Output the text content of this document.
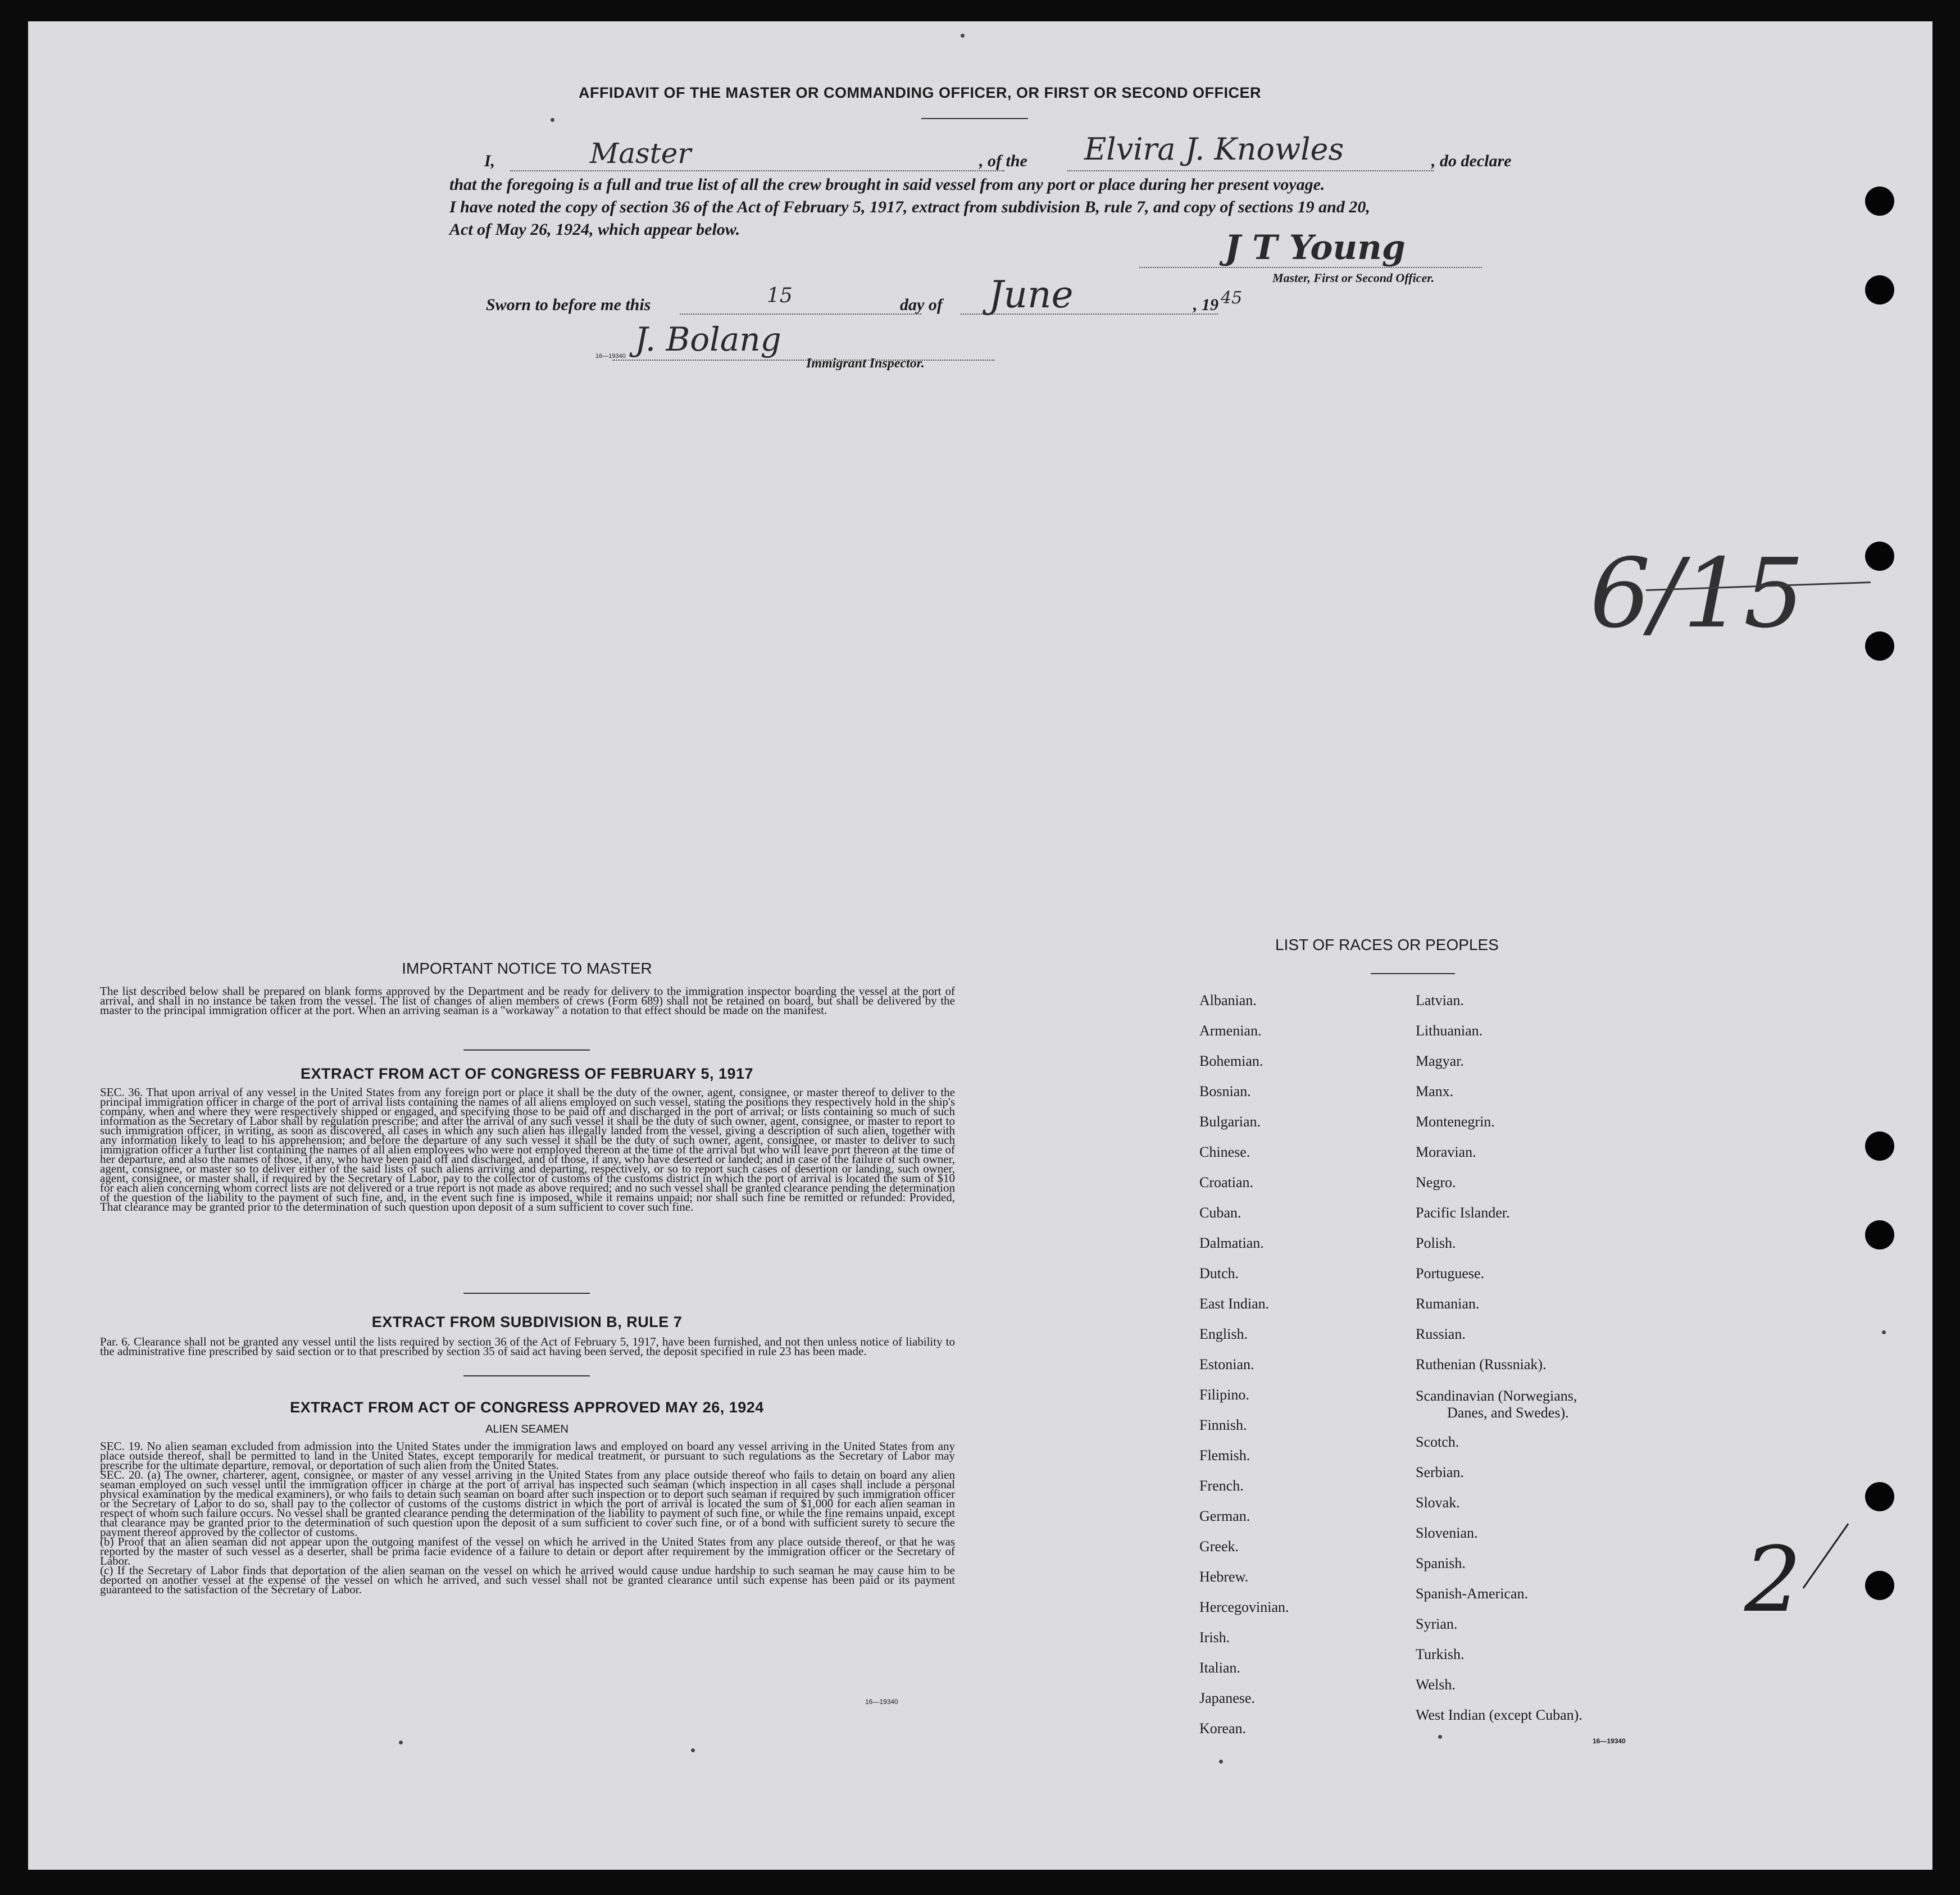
AFFIDAVIT OF THE MASTER OR COMMANDING OFFICER, OR FIRST OR SECOND OFFICER
I,	Master	, of the Elvira J. Knowles	, do declare
that the foregoing is a full and true list of all the crew brought in said vessel from any port or place during her present voyage.
I have noted the copy of section 36 of the Act of February 5, 1917, extract from subdivision B, rule 7, and copy of sections 19 and 20,
Act of May 26, 1924, which appear below.	J T Young
Master, First or Second Officer.
Sworn to before me this	15	day of June	, 19 45
J. Bolang
16—19340	Immigrant Inspector.
6/15
2
IMPORTANT NOTICE TO MASTER
The list described below shall be prepared on blank forms approved by the Department and be ready for delivery to the immigration inspector boarding the vessel at the port of arrival, and shall in no instance be taken from the vessel. The list of changes of alien members of crews (Form 689) shall not be retained on board, but shall be delivered by the master to the principal immigration officer at the port. When an arriving seaman is a "workaway" a notation to that effect should be made on the manifest.
EXTRACT FROM ACT OF CONGRESS OF FEBRUARY 5, 1917
SEC. 36. That upon arrival of any vessel in the United States from any foreign port or place it shall be the duty of the owner, agent, consignee, or master thereof to deliver to the principal immigration officer in charge of the port of arrival lists containing the names of all aliens employed on such vessel, stating the positions they respectively hold in the ship's company, when and where they were respectively shipped or engaged, and specifying those to be paid off and discharged in the port of arrival; or lists containing so much of such information as the Secretary of Labor shall by regulation prescribe; and after the arrival of any such vessel it shall be the duty of such owner, agent, consignee, or master to report to such immigration officer, in writing, as soon as discovered, all cases in which any such alien has illegally landed from the vessel, giving a description of such alien, together with any information likely to lead to his apprehension; and before the departure of any such vessel it shall be the duty of such owner, agent, consignee, or master to deliver to such immigration officer a further list containing the names of all alien employees who were not employed thereon at the time of the arrival but who will leave port thereon at the time of her departure, and also the names of those, if any, who have been paid off and discharged, and of those, if any, who have deserted or landed; and in case of the failure of such owner, agent, consignee, or master so to deliver either of the said lists of such aliens arriving and departing, respectively, or so to report such cases of desertion or landing, such owner, agent, consignee, or master shall, if required by the Secretary of Labor, pay to the collector of customs of the customs district in which the port of arrival is located the sum of $10 for each alien concerning whom correct lists are not delivered or a true report is not made as above required; and no such vessel shall be granted clearance pending the determination of the question of the liability to the payment of such fine, and, in the event such fine is imposed, while it remains unpaid; nor shall such fine be remitted or refunded: Provided, That clearance may be granted prior to the determination of such question upon deposit of a sum sufficient to cover such fine.
EXTRACT FROM SUBDIVISION B, RULE 7
Par. 6. Clearance shall not be granted any vessel until the lists required by section 36 of the Act of February 5, 1917, have been furnished, and not then unless notice of liability to the administrative fine prescribed by said section or to that prescribed by section 35 of said act having been served, the deposit specified in rule 23 has been made.
EXTRACT FROM ACT OF CONGRESS APPROVED MAY 26, 1924
ALIEN SEAMEN
SEC. 19. No alien seaman excluded from admission into the United States under the immigration laws and employed on board any vessel arriving in the United States from any place outside thereof, shall be permitted to land in the United States, except temporarily for medical treatment, or pursuant to such regulations as the Secretary of Labor may prescribe for the ultimate departure, removal, or deportation of such alien from the United States.
SEC. 20. (a) The owner, charterer, agent, consignee, or master of any vessel arriving in the United States from any place outside thereof who fails to detain on board any alien seaman employed on such vessel until the immigration officer in charge at the port of arrival has inspected such seaman (which inspection in all cases shall include a personal physical examination by the medical examiners), or who fails to detain such seaman on board after such inspection or to deport such seaman if required by such immigration officer or the Secretary of Labor to do so, shall pay to the collector of customs of the customs district in which the port of arrival is located the sum of $1,000 for each alien seaman in respect of whom such failure occurs. No vessel shall be granted clearance pending the determination of the liability to payment of such fine, or while the fine remains unpaid, except that clearance may be granted prior to the determination of such question upon the deposit of a sum sufficient to cover such fine, or of a bond with sufficient surety to secure the payment thereof approved by the collector of customs.
(b) Proof that an alien seaman did not appear upon the outgoing manifest of the vessel on which he arrived in the United States from any place outside thereof, or that he was reported by the master of such vessel as a deserter, shall be prima facie evidence of a failure to detain or deport after requirement by the immigration officer or the Secretary of Labor.
(c) If the Secretary of Labor finds that deportation of the alien seaman on the vessel on which he arrived would cause undue hardship to such seaman he may cause him to be deported on another vessel at the expense of the vessel on which he arrived, and such vessel shall not be granted clearance until such expense has been paid or its payment guaranteed to the satisfaction of the Secretary of Labor.
16—19340
LIST OF RACES OR PEOPLES
Albanian.
Armenian.
Bohemian.
Bosnian.
Bulgarian.
Chinese.
Croatian.
Cuban.
Dalmatian.
Dutch.
East Indian.
English.
Estonian.
Filipino.
Finnish.
Flemish.
French.
German.
Greek.
Hebrew.
Hercegovinian.
Irish.
Italian.
Japanese.
Korean.
Latvian.
Lithuanian.
Magyar.
Manx.
Montenegrin.
Moravian.
Negro.
Pacific Islander.
Polish.
Portuguese.
Rumanian.
Russian.
Ruthenian (Russniak).
Scandinavian (Norwegians,
Danes, and Swedes).
Scotch.
Serbian.
Slovak.
Slovenian.
Spanish.
Spanish-American.
Syrian.
Turkish.
Welsh.
West Indian (except Cuban).
16—19340
